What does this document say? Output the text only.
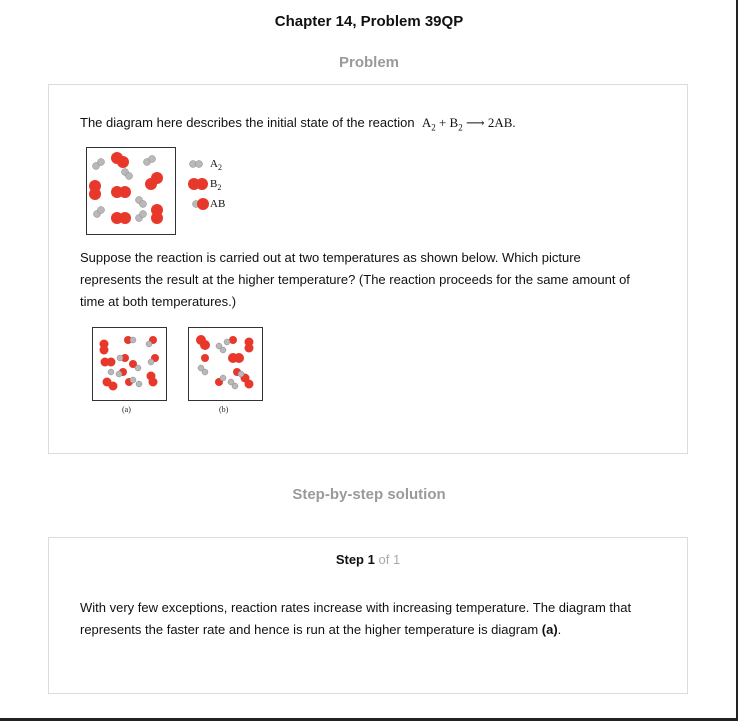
Chapter 14, Problem 39QP
Problem
The diagram here describes the initial state of the reaction $A_2 + B_2$ ⟶ 2AB.
$A_2$
$B_2$
AB
Suppose the reaction is carried out at two temperatures as shown below. Which picture represents the result at the higher temperature? (The reaction proceeds for the same amount of time at both temperatures.)
(a)	(b)
Step-by-step solution
Step 1 of 1
With very few exceptions, reaction rates increase with increasing temperature. The diagram that represents the faster rate and hence is run at the higher temperature is diagram (a).
